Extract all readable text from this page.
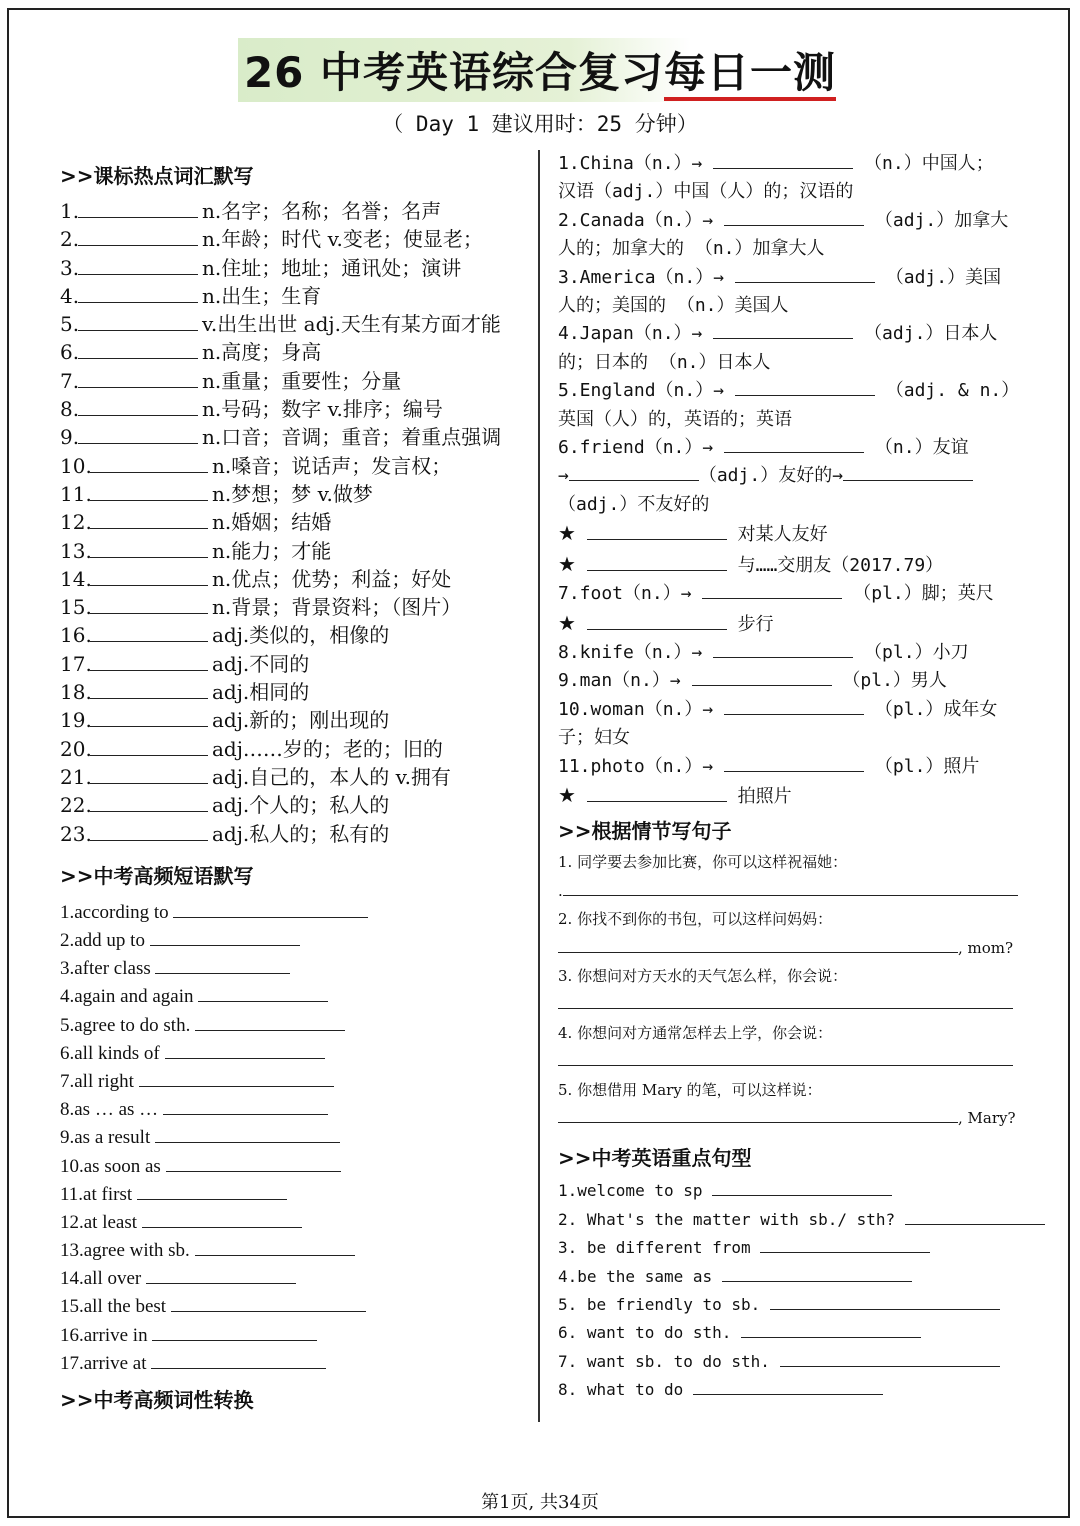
26 中考英语综合复习每日一测
（ Day 1 建议用时：25 分钟）
>>课标热点词汇默写
1.	n.名字；名称；名誉；名声
2.	n.年龄；时代 v.变老；使显老；
3.	n.住址；地址；通讯处；演讲
4.	n.出生；生育
5.	v.出生出世 adj.天生有某方面才能
6.	n.高度；身高
7.	n.重量；重要性；分量
8.	n.号码；数字 v.排序；编号
9.	n.口音；音调；重音；着重点强调
10.	n.嗓音；说话声；发言权；
11.	n.梦想；梦 v.做梦
12.	n.婚姻；结婚
13.	n.能力；才能
14.	n.优点；优势；利益；好处
15.	n.背景；背景资料；（图片）
16.	adj.类似的，相像的
17.	adj.不同的
18.	adj.相同的
19.	adj.新的；刚出现的
20.	adj……岁的；老的；旧的
21.	adj.自己的，本人的 v.拥有
22.	adj.个人的；私人的
23.	adj.私人的；私有的
>>中考高频短语默写
1.according to
2.add up to
3.after class
4.again and again
5.agree to do sth.
6.all kinds of
7.all right
8.as … as …
9.as a result
10.as soon as
11.at first
12.at least
13.agree with sb.
14.all over
15.all the best
16.arrive in
17.arrive at
>>中考高频词性转换
1.China（n.）→	（n.）中国人；
汉语（adj.）中国（人）的；汉语的
2.Canada（n.）→	（adj.）加拿大
人的；加拿大的 （n.）加拿大人
3.America（n.）→	（adj.）美国
人的；美国的 （n.）美国人
4.Japan（n.）→	（adj.）日本人
的；日本的 （n.）日本人
5.England（n.）→	（adj. & n.）
英国（人）的，英语的；英语
6.friend（n.）→	（n.）友谊
→	（adj.）友好的→
（adj.）不友好的
★	对某人友好
★	与……交朋友（2017.79）
7.foot（n.）→	（pl.）脚；英尺
★	步行
8.knife（n.）→	（pl.）小刀
9.man（n.）→	（pl.）男人
10.woman（n.）→	（pl.）成年女
子；妇女
11.photo（n.）→	（pl.）照片
★	拍照片
>>根据情节写句子
1. 同学要去参加比赛，你可以这样祝福她：
.
2. 你找不到你的书包，可以这样问妈妈：
, mom?
3. 你想问对方天水的天气怎么样，你会说：
4. 你想问对方通常怎样去上学，你会说：
5. 你想借用 Mary 的笔，可以这样说：
, Mary?
>>中考英语重点句型
1.welcome to sp
2. What's the matter with sb./ sth?
3. be different from
4.be the same as
5. be friendly to sb.
6. want to do sth.
7. want sb. to do sth.
8. what to do
第1页, 共34页
